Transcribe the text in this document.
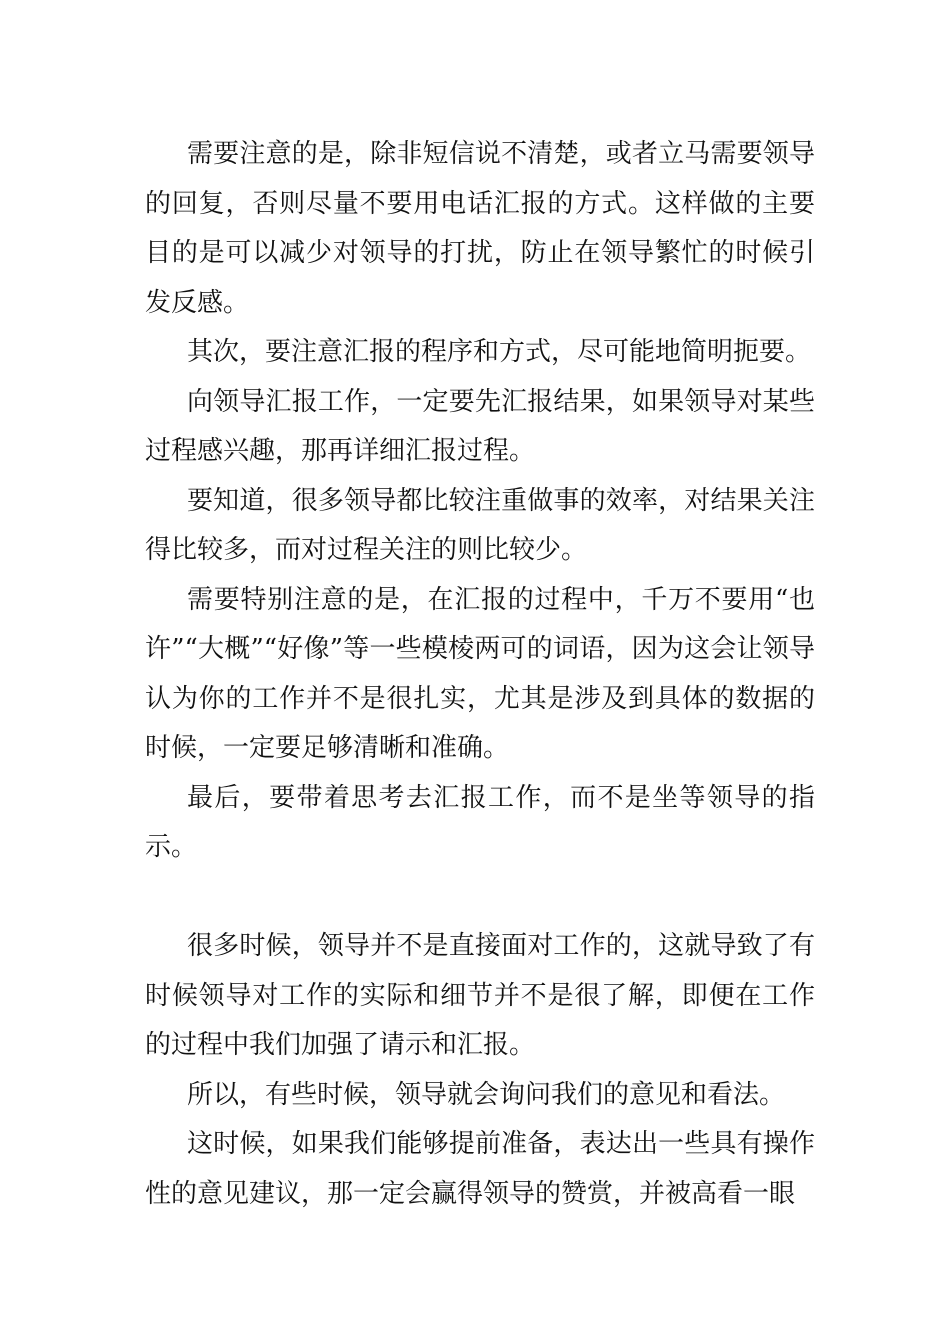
需要注意的是，除非短信说不清楚，或者立马需要领导的回复，否则尽量不要用电话汇报的方式。这样做的主要目的是可以减少对领导的打扰，防止在领导繁忙的时候引发反感。

其次，要注意汇报的程序和方式，尽可能地简明扼要。

向领导汇报工作，一定要先汇报结果，如果领导对某些过程感兴趣，那再详细汇报过程。

要知道，很多领导都比较注重做事的效率，对结果关注得比较多，而对过程关注的则比较少。

需要特别注意的是，在汇报的过程中，千万不要用“也许”“大概”“好像”等一些模棱两可的词语，因为这会让领导认为你的工作并不是很扎实，尤其是涉及到具体的数据的时候，一定要足够清晰和准确。

最后，要带着思考去汇报工作，而不是坐等领导的指示。

很多时候，领导并不是直接面对工作的，这就导致了有时候领导对工作的实际和细节并不是很了解，即便在工作的过程中我们加强了请示和汇报。

所以，有些时候，领导就会询问我们的意见和看法。

这时候，如果我们能够提前准备，表达出一些具有操作性的意见建议，那一定会赢得领导的赞赏，并被高看一眼
